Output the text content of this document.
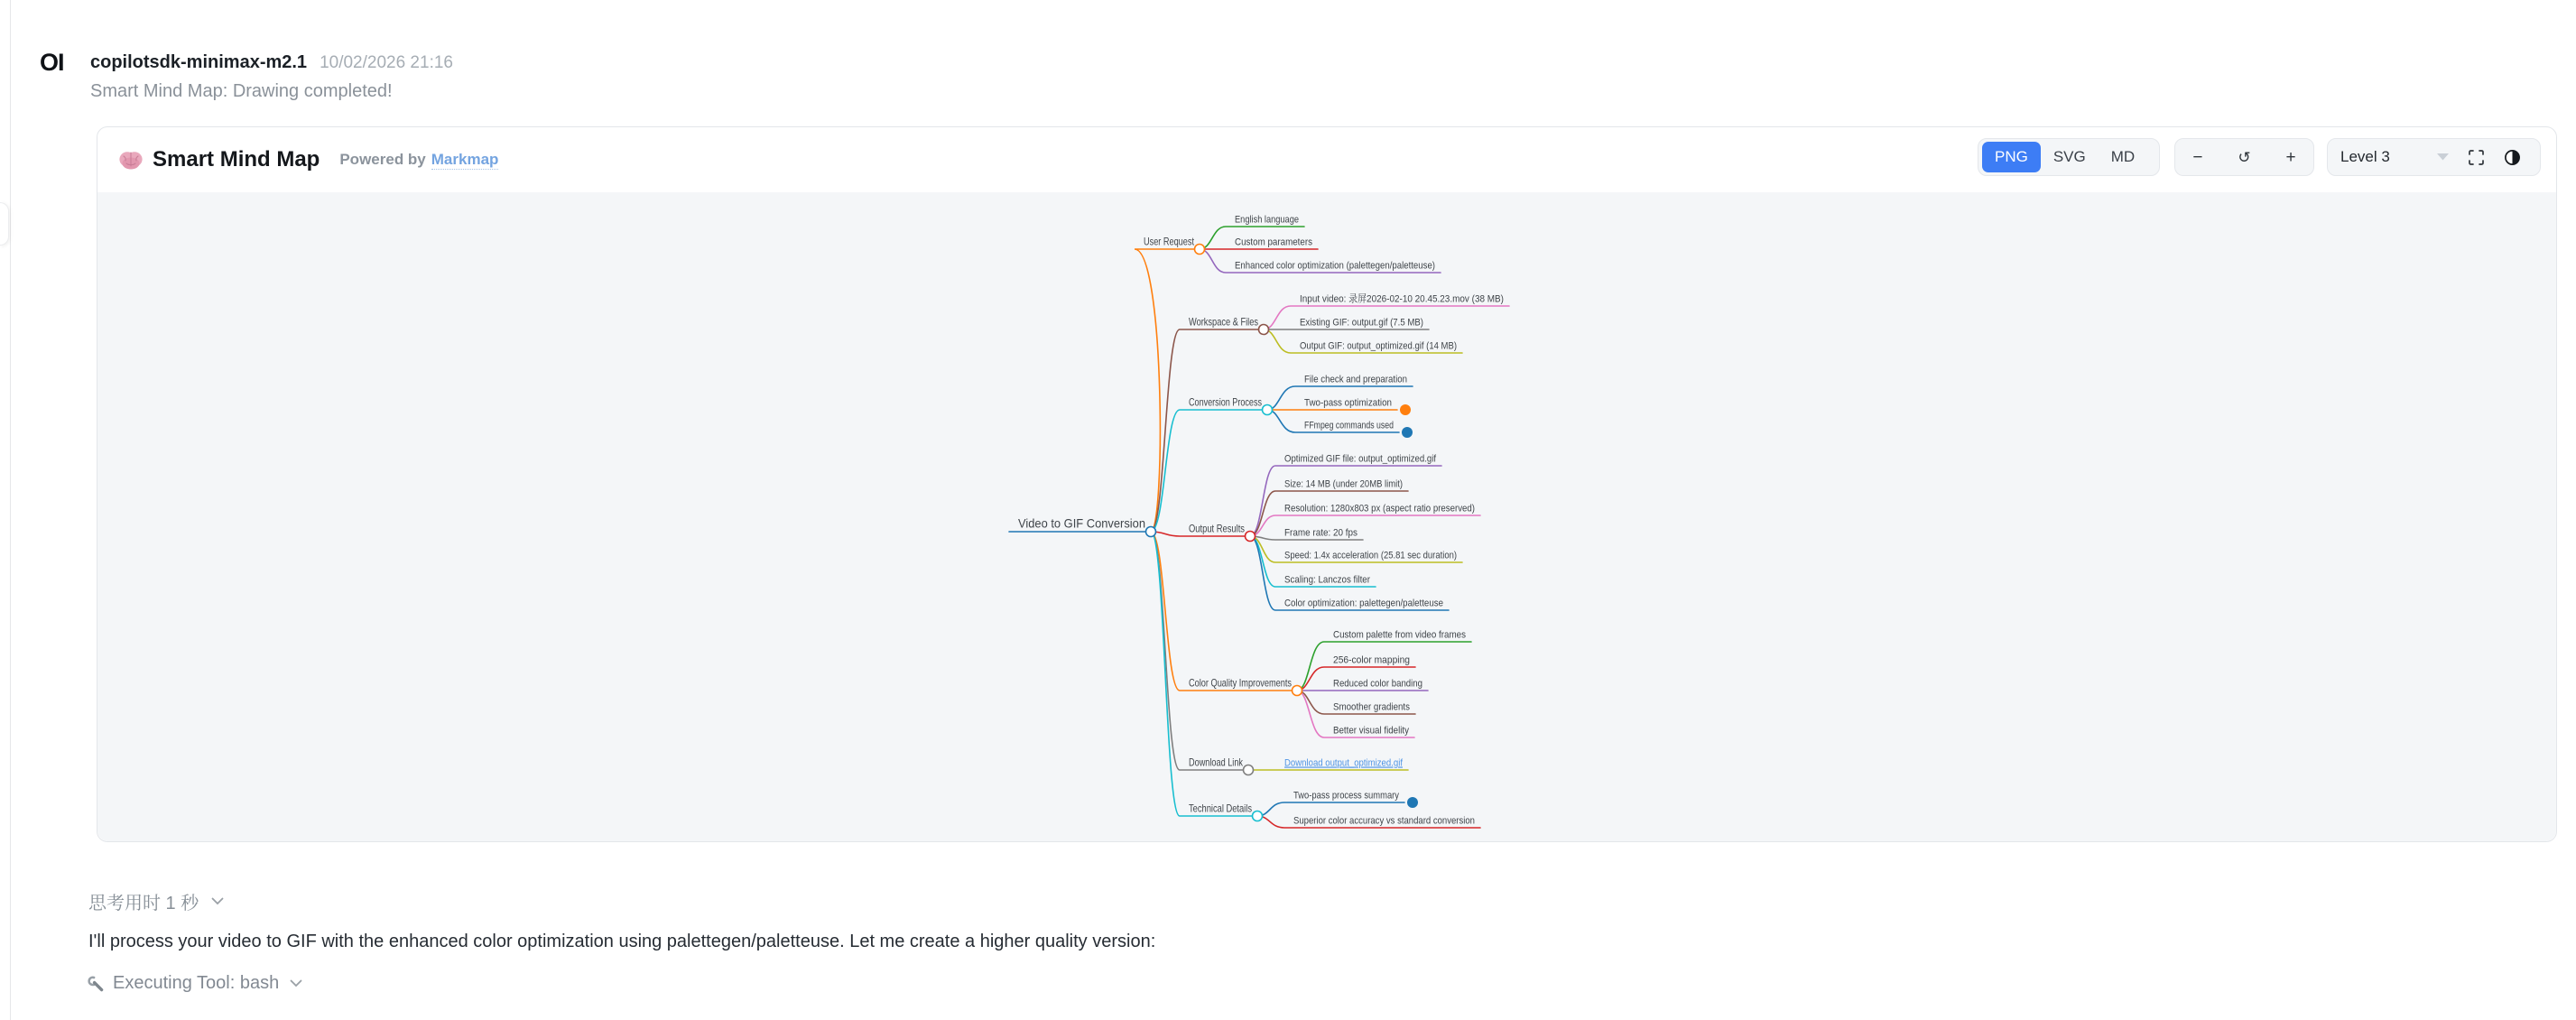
OI copilotsdk-minimax-m2.1 10/02/2026 21:16
Smart Mind Map: Drawing completed!
Smart Mind Map Powered by Markmap	PNG	SVG	MD	− ↺ +	Level 3
Video to GIF Conversion
User Request
English language
Custom parameters
Enhanced color optimization (palettegen/paletteuse)
Workspace & Files
Input video: 录屏2026-02-10 20.45.23.mov (38 MB)
Existing GIF: output.gif (7.5 MB)
Output GIF: output_optimized.gif (14 MB)
Conversion Process
File check and preparation
Two-pass optimization
FFmpeg commands used
Output Results
Optimized GIF file: output_optimized.gif
Size: 14 MB (under 20MB limit)
Resolution: 1280x803 px (aspect ratio preserved)
Frame rate: 20 fps
Speed: 1.4x acceleration (25.81 sec duration)
Scaling: Lanczos filter
Color optimization: palettegen/paletteuse
Color Quality Improvements
Custom palette from video frames
256-color mapping
Reduced color banding
Smoother gradients
Better visual fidelity
Download Link	Download output_optimized.gif
Technical Details
Two-pass process summary
Superior color accuracy vs standard conversion
思考用时 1 秒
I'll process your video to GIF with the enhanced color optimization using palettegen/paletteuse. Let me create a higher quality version:
Executing Tool: bash
